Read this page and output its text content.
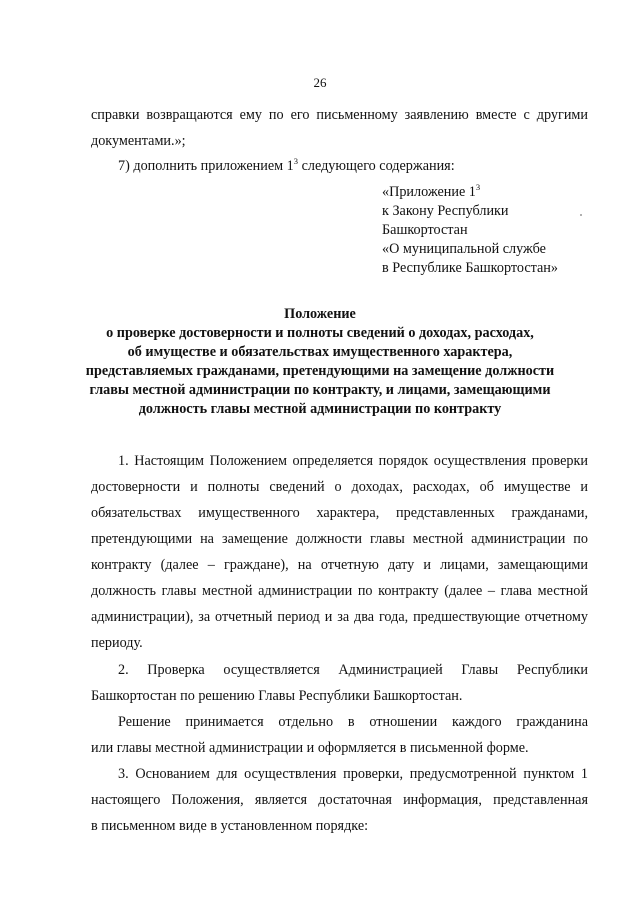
26
справки возвращаются ему по его письменному заявлению вместе с другими
документами.»;
7) дополнить приложением $1^3$ следующего содержания:
«Приложение $1^3$
к Закону Республики
Башкортостан
«О муниципальной службе
в Республике Башкортостан»
Положение
о проверке достоверности и полноты сведений о доходах, расходах,
об имуществе и обязательствах имущественного характера,
представляемых гражданами, претендующими на замещение должности
главы местной администрации по контракту, и лицами, замещающими
должность главы местной администрации по контракту
1. Настоящим Положением определяется порядок осуществления проверки
достоверности и полноты сведений о доходах, расходах, об имуществе и
обязательствах имущественного характера, представленных гражданами,
претендующими на замещение должности главы местной администрации по
контракту (далее – граждане), на отчетную дату и лицами, замещающими
должность главы местной администрации по контракту (далее – глава местной
администрации), за отчетный период и за два года, предшествующие отчетному
периоду.
2. Проверка осуществляется Администрацией Главы Республики
Башкортостан по решению Главы Республики Башкортостан.
Решение принимается отдельно в отношении каждого гражданина
или главы местной администрации и оформляется в письменной форме.
3. Основанием для осуществления проверки, предусмотренной пунктом 1
настоящего Положения, является достаточная информация, представленная
в письменном виде в установленном порядке:
